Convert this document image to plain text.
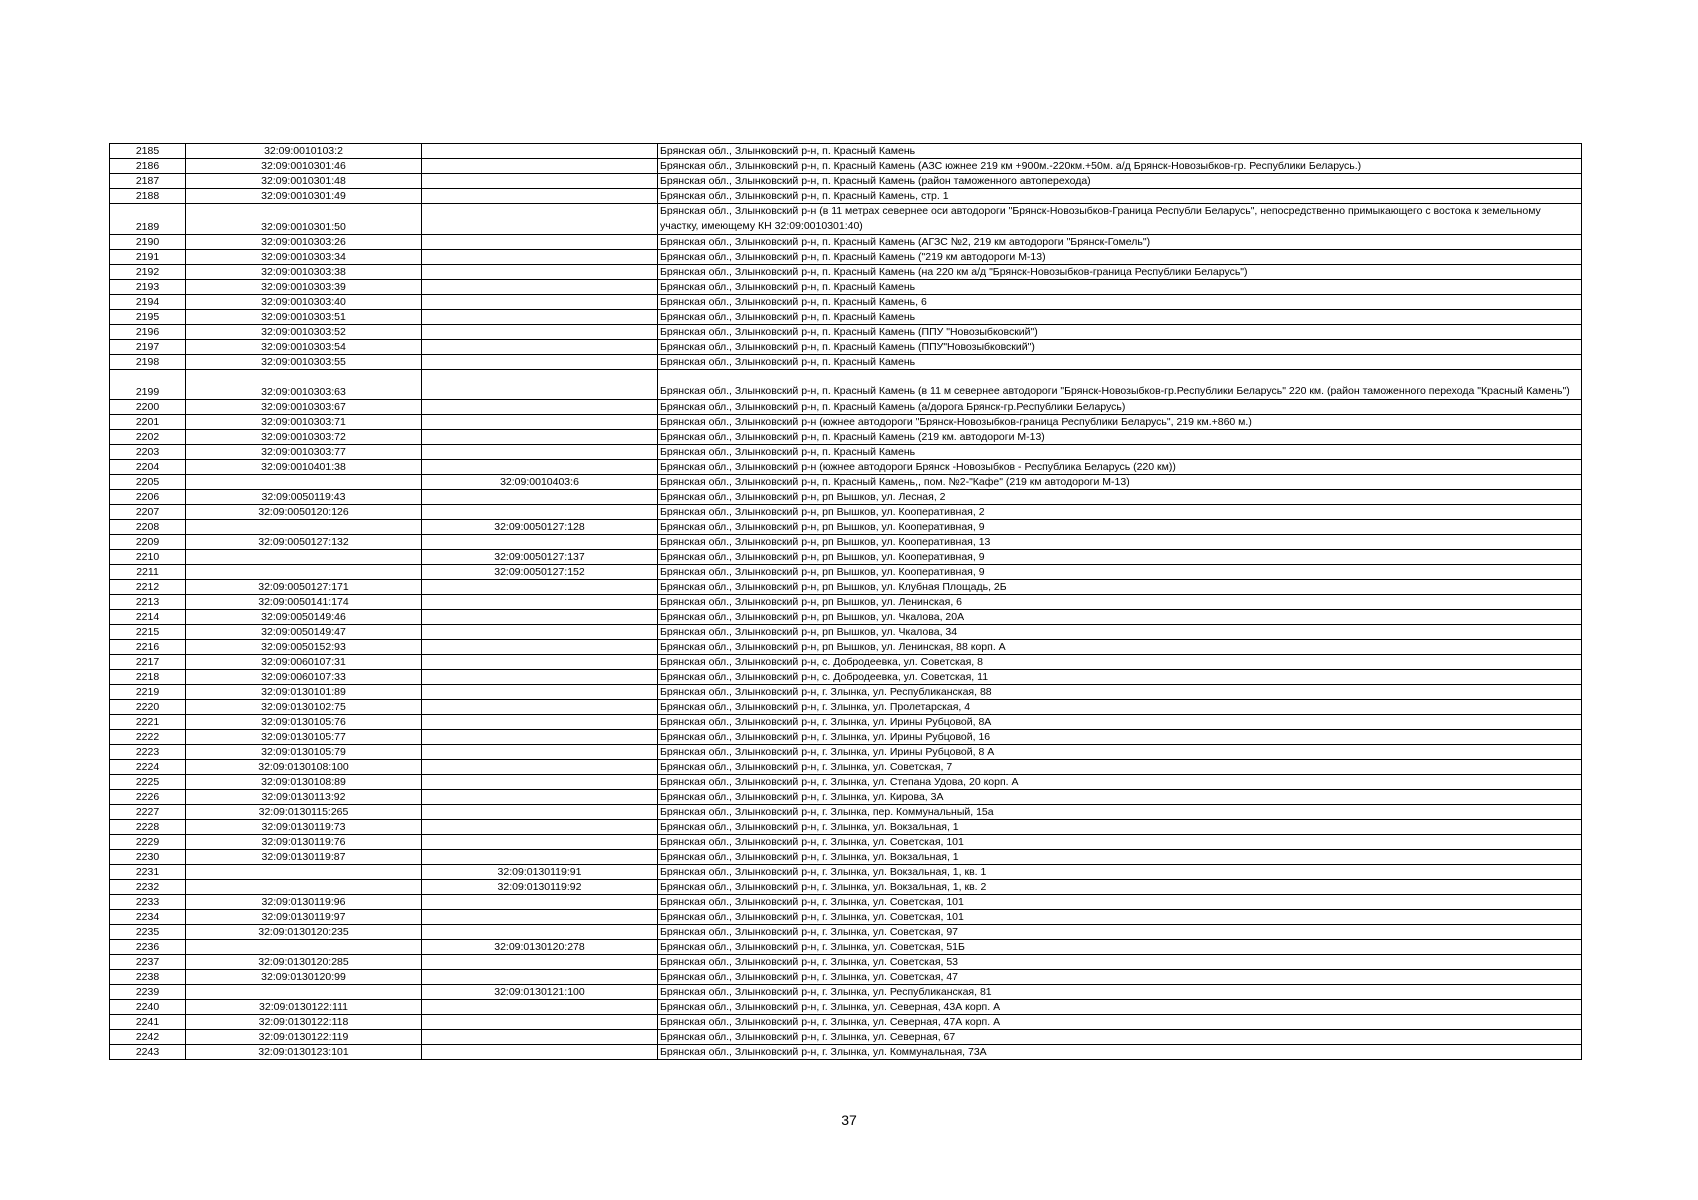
2185	32:09:0010103:2		Брянская обл., Злынковский р-н, п. Красный Камень
2186	32:09:0010301:46		Брянская обл., Злынковский р-н, п. Красный Камень (АЗС южнее 219 км +900м.-220км.+50м. а/д Брянск-Новозыбков-гр. Республики Беларусь.)
2187	32:09:0010301:48		Брянская обл., Злынковский р-н, п. Красный Камень (район таможенного автоперехода)
2188	32:09:0010301:49		Брянская обл., Злынковский р-н, п. Красный Камень, стр. 1
2189	32:09:0010301:50		Брянская обл., Злынковский р-н (в 11 метрах севернее оси автодороги "Брянск-Новозыбков-Граница Республи Беларусь", непосредственно примыкающего с востока к земельному участку, имеющему КН 32:09:0010301:40)
2190	32:09:0010303:26		Брянская обл., Злынковский р-н, п. Красный Камень (АГЗС №2, 219 км автодороги "Брянск-Гомель")
2191	32:09:0010303:34		Брянская обл., Злынковский р-н, п. Красный Камень ("219 км автодороги М-13)
2192	32:09:0010303:38		Брянская обл., Злынковский р-н, п. Красный Камень (на 220 км а/д "Брянск-Новозыбков-граница Республики Беларусь")
2193	32:09:0010303:39		Брянская обл., Злынковский р-н, п. Красный Камень
2194	32:09:0010303:40		Брянская обл., Злынковский р-н, п. Красный Камень, 6
2195	32:09:0010303:51		Брянская обл., Злынковский р-н, п. Красный Камень
2196	32:09:0010303:52		Брянская обл., Злынковский р-н, п. Красный Камень (ППУ "Новозыбковский")
2197	32:09:0010303:54		Брянская обл., Злынковский р-н, п. Красный Камень (ППУ"Новозыбковский")
2198	32:09:0010303:55		Брянская обл., Злынковский р-н, п. Красный Камень
2199	32:09:0010303:63		Брянская обл., Злынковский р-н, п. Красный Камень (в 11 м севернее автодороги "Брянск-Новозыбков-гр.Республики Беларусь" 220 км. (район таможенного перехода "Красный Камень")
2200	32:09:0010303:67		Брянская обл., Злынковский р-н, п. Красный Камень (а/дорога Брянск-гр.Республики Беларусь)
2201	32:09:0010303:71		Брянская обл., Злынковский р-н (южнее автодороги "Брянск-Новозыбков-граница Республики Беларусь", 219 км.+860 м.)
2202	32:09:0010303:72		Брянская обл., Злынковский р-н, п. Красный Камень (219 км. автодороги М-13)
2203	32:09:0010303:77		Брянская обл., Злынковский р-н, п. Красный Камень
2204	32:09:0010401:38		Брянская обл., Злынковский р-н (южнее автодороги Брянск -Новозыбков - Республика Беларусь (220 км))
2205		32:09:0010403:6	Брянская обл., Злынковский р-н, п. Красный Камень,, пом. №2-"Кафе" (219 км автодороги М-13)
2206	32:09:0050119:43		Брянская обл., Злынковский р-н, рп Вышков, ул. Лесная, 2
2207	32:09:0050120:126		Брянская обл., Злынковский р-н, рп Вышков, ул. Кооперативная, 2
2208		32:09:0050127:128	Брянская обл., Злынковский р-н, рп Вышков, ул. Кооперативная, 9
2209	32:09:0050127:132		Брянская обл., Злынковский р-н, рп Вышков, ул. Кооперативная, 13
2210		32:09:0050127:137	Брянская обл., Злынковский р-н, рп Вышков, ул. Кооперативная, 9
2211		32:09:0050127:152	Брянская обл., Злынковский р-н, рп Вышков, ул. Кооперативная, 9
2212	32:09:0050127:171		Брянская обл., Злынковский р-н, рп Вышков, ул. Клубная Площадь, 2Б
2213	32:09:0050141:174		Брянская обл., Злынковский р-н, рп Вышков, ул. Ленинская, 6
2214	32:09:0050149:46		Брянская обл., Злынковский р-н, рп Вышков, ул. Чкалова, 20А
2215	32:09:0050149:47		Брянская обл., Злынковский р-н, рп Вышков, ул. Чкалова, 34
2216	32:09:0050152:93		Брянская обл., Злынковский р-н, рп Вышков, ул. Ленинская, 88 корп. А
2217	32:09:0060107:31		Брянская обл., Злынковский р-н, с. Добродеевка, ул. Советская, 8
2218	32:09:0060107:33		Брянская обл., Злынковский р-н, с. Добродеевка, ул. Советская, 11
2219	32:09:0130101:89		Брянская обл., Злынковский р-н, г. Злынка, ул. Республиканская, 88
2220	32:09:0130102:75		Брянская обл., Злынковский р-н, г. Злынка, ул. Пролетарская, 4
2221	32:09:0130105:76		Брянская обл., Злынковский р-н, г. Злынка, ул. Ирины Рубцовой, 8А
2222	32:09:0130105:77		Брянская обл., Злынковский р-н, г. Злынка, ул. Ирины Рубцовой, 16
2223	32:09:0130105:79		Брянская обл., Злынковский р-н, г. Злынка, ул. Ирины Рубцовой, 8 А
2224	32:09:0130108:100		Брянская обл., Злынковский р-н, г. Злынка, ул. Советская, 7
2225	32:09:0130108:89		Брянская обл., Злынковский р-н, г. Злынка, ул. Степана Удова, 20 корп. А
2226	32:09:0130113:92		Брянская обл., Злынковский р-н, г. Злынка, ул. Кирова, 3А
2227	32:09:0130115:265		Брянская обл., Злынковский р-н, г. Злынка, пер. Коммунальный, 15а
2228	32:09:0130119:73		Брянская обл., Злынковский р-н, г. Злынка, ул. Вокзальная, 1
2229	32:09:0130119:76		Брянская обл., Злынковский р-н, г. Злынка, ул. Советская, 101
2230	32:09:0130119:87		Брянская обл., Злынковский р-н, г. Злынка, ул. Вокзальная, 1
2231		32:09:0130119:91	Брянская обл., Злынковский р-н, г. Злынка, ул. Вокзальная, 1, кв. 1
2232		32:09:0130119:92	Брянская обл., Злынковский р-н, г. Злынка, ул. Вокзальная, 1, кв. 2
2233	32:09:0130119:96		Брянская обл., Злынковский р-н, г. Злынка, ул. Советская, 101
2234	32:09:0130119:97		Брянская обл., Злынковский р-н, г. Злынка, ул. Советская, 101
2235	32:09:0130120:235		Брянская обл., Злынковский р-н, г. Злынка, ул. Советская, 97
2236		32:09:0130120:278	Брянская обл., Злынковский р-н, г. Злынка, ул. Советская, 51Б
2237	32:09:0130120:285		Брянская обл., Злынковский р-н, г. Злынка, ул. Советская, 53
2238	32:09:0130120:99		Брянская обл., Злынковский р-н, г. Злынка, ул. Советская, 47
2239		32:09:0130121:100	Брянская обл., Злынковский р-н, г. Злынка, ул. Республиканская, 81
2240	32:09:0130122:111		Брянская обл., Злынковский р-н, г. Злынка, ул. Северная, 43А корп. А
2241	32:09:0130122:118		Брянская обл., Злынковский р-н, г. Злынка, ул. Северная, 47А корп. А
2242	32:09:0130122:119		Брянская обл., Злынковский р-н, г. Злынка, ул. Северная, 67
2243	32:09:0130123:101		Брянская обл., Злынковский р-н, г. Злынка, ул. Коммунальная, 73А
37
